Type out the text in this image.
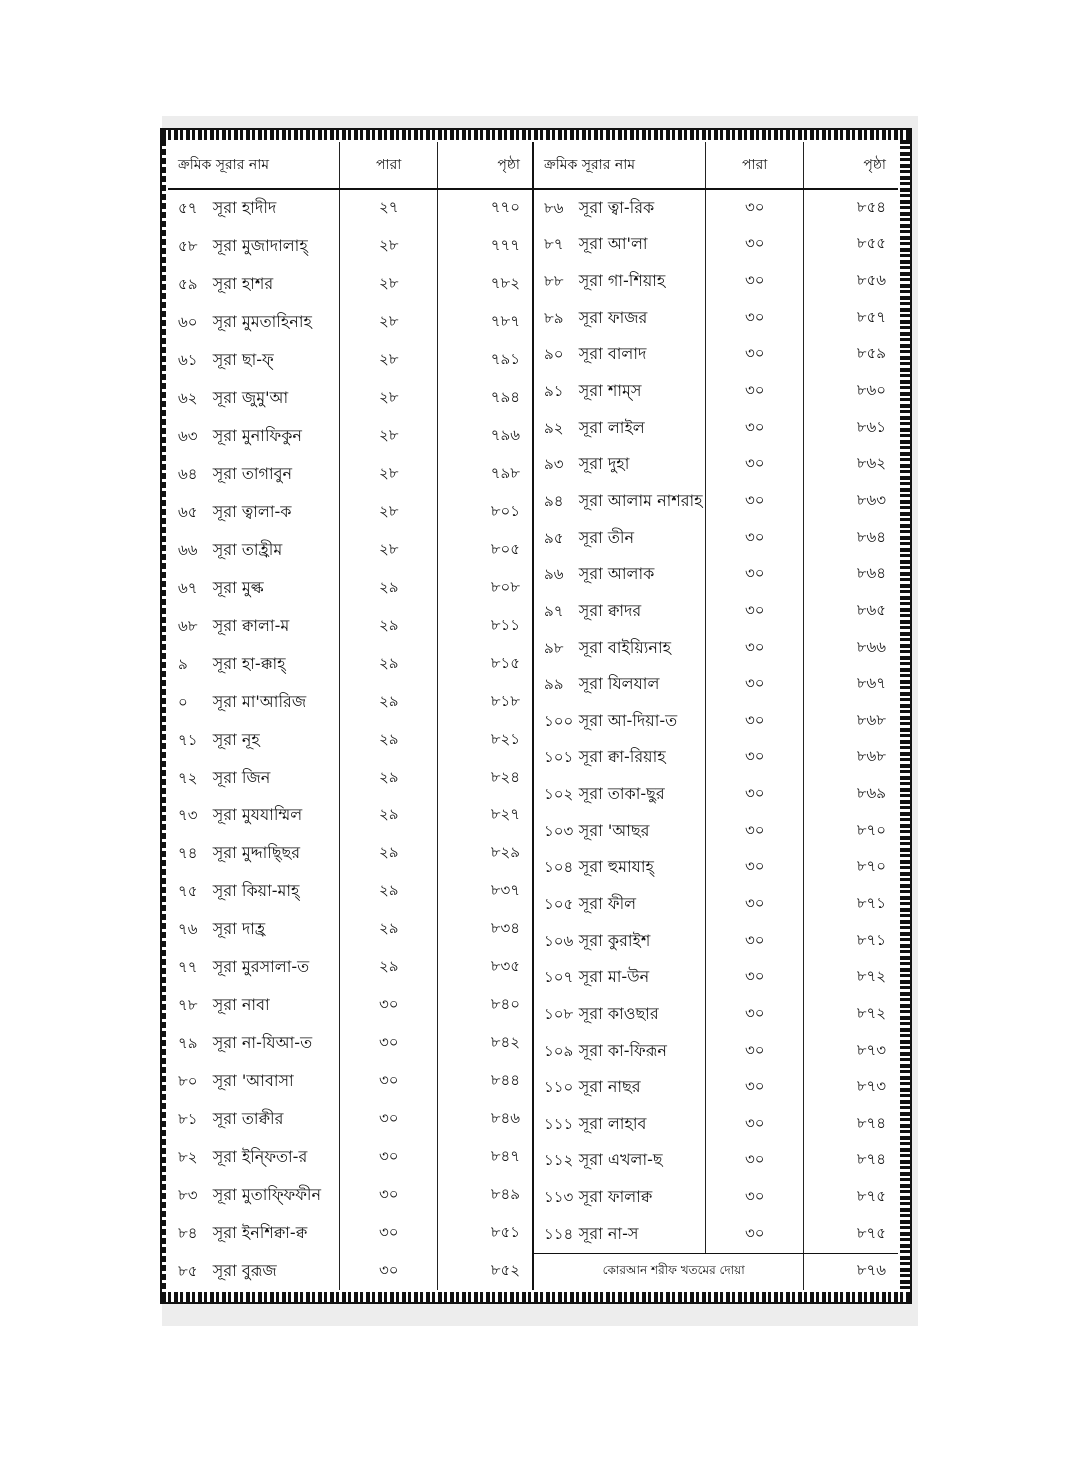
ক্রমিক সূরার নাম	পারা	পৃষ্ঠা
৫৭ সূরা হাদীদ	২৭	৭৭০
৫৮ সূরা মুজাদালাহ্	২৮	৭৭৭
৫৯ সূরা হাশর	২৮	৭৮২
৬০ সূরা মুমতাহিনাহ	২৮	৭৮৭
৬১ সূরা ছা-ফ্	২৮	৭৯১
৬২ সূরা জুমু'আ	২৮	৭৯৪
৬৩ সূরা মুনাফিকুন	২৮	৭৯৬
৬৪ সূরা তাগাবুন	২৮	৭৯৮
৬৫ সূরা ত্বালা-ক	২৮	৮০১
৬৬ সূরা তাহ্রীম	২৮	৮০৫
৬৭ সূরা মুল্ক	২৯	৮০৮
৬৮ সূরা ক্বালা-ম	২৯	৮১১
৯ সূরা হা-ক্কাহ্	২৯	৮১৫
০ সূরা মা'আরিজ	২৯	৮১৮
৭১ সূরা নূহ	২৯	৮২১
৭২ সূরা জিন	২৯	৮২৪
৭৩ সূরা মুযযাম্মিল	২৯	৮২৭
৭৪ সূরা মুদ্দাছ্ছির	২৯	৮২৯
৭৫ সূরা কিয়া-মাহ্	২৯	৮৩৭
৭৬ সূরা দাহ্র	২৯	৮৩৪
৭৭ সূরা মুরসালা-ত	২৯	৮৩৫
৭৮ সূরা নাবা	৩০	৮৪০
৭৯ সূরা না-যিআ-ত	৩০	৮৪২
৮০ সূরা 'আবাসা	৩০	৮৪৪
৮১ সূরা তাক্বীর	৩০	৮৪৬
৮২ সূরা ইন্ফিতা-র	৩০	৮৪৭
৮৩ সূরা মুতাফ্ফিফীন	৩০	৮৪৯
৮৪ সূরা ইনশিক্বা-ক্ব	৩০	৮৫১
৮৫ সূরা বুরূজ	৩০	৮৫২
ক্রমিক সূরার নাম	পারা	পৃষ্ঠা
৮৬ সূরা ত্বা-রিক	৩০	৮৫৪
৮৭ সূরা আ'লা	৩০	৮৫৫
৮৮ সূরা গা-শিয়াহ	৩০	৮৫৬
৮৯ সূরা ফাজর	৩০	৮৫৭
৯০ সূরা বালাদ	৩০	৮৫৯
৯১ সূরা শাম্স	৩০	৮৬০
৯২ সূরা লাইল	৩০	৮৬১
৯৩ সূরা দুহা	৩০	৮৬২
৯৪ সূরা আলাম নাশরাহ	৩০	৮৬৩
৯৫ সূরা তীন	৩০	৮৬৪
৯৬ সূরা আলাক	৩০	৮৬৪
৯৭ সূরা ক্বাদর	৩০	৮৬৫
৯৮ সূরা বাইয়্যিনাহ	৩০	৮৬৬
৯৯ সূরা যিলযাল	৩০	৮৬৭
১০০ সূরা আ-দিয়া-ত	৩০	৮৬৮
১০১ সূরা ক্বা-রিয়াহ	৩০	৮৬৮
১০২ সূরা তাকা-ছুর	৩০	৮৬৯
১০৩ সূরা 'আছর	৩০	৮৭০
১০৪ সূরা হুমাযাহ্	৩০	৮৭০
১০৫ সূরা ফীল	৩০	৮৭১
১০৬ সূরা কুরাইশ	৩০	৮৭১
১০৭ সূরা মা-উন	৩০	৮৭২
১০৮ সূরা কাওছার	৩০	৮৭২
১০৯ সূরা কা-ফিরূন	৩০	৮৭৩
১১০ সূরা নাছর	৩০	৮৭৩
১১১ সূরা লাহাব	৩০	৮৭৪
১১২ সূরা এখলা-ছ	৩০	৮৭৪
১১৩ সূরা ফালাক্ব	৩০	৮৭৫
১১৪ সূরা না-স	৩০	৮৭৫
কোরআন শরীফ খতমের দোয়া	৮৭৬
